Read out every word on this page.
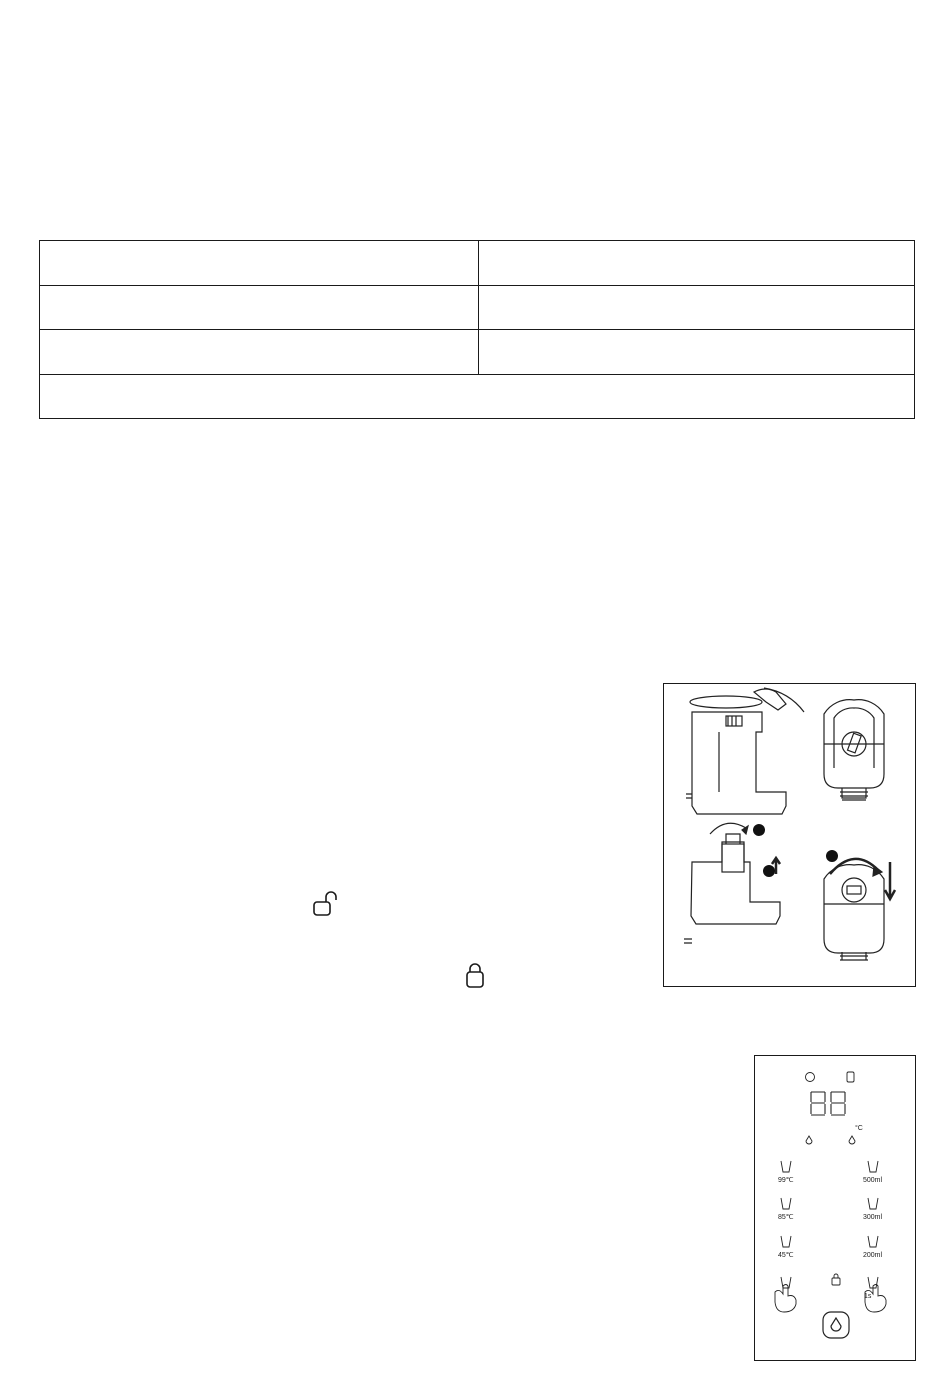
°C
99℃
85℃
45℃
500ml
300ml
200ml
1s
